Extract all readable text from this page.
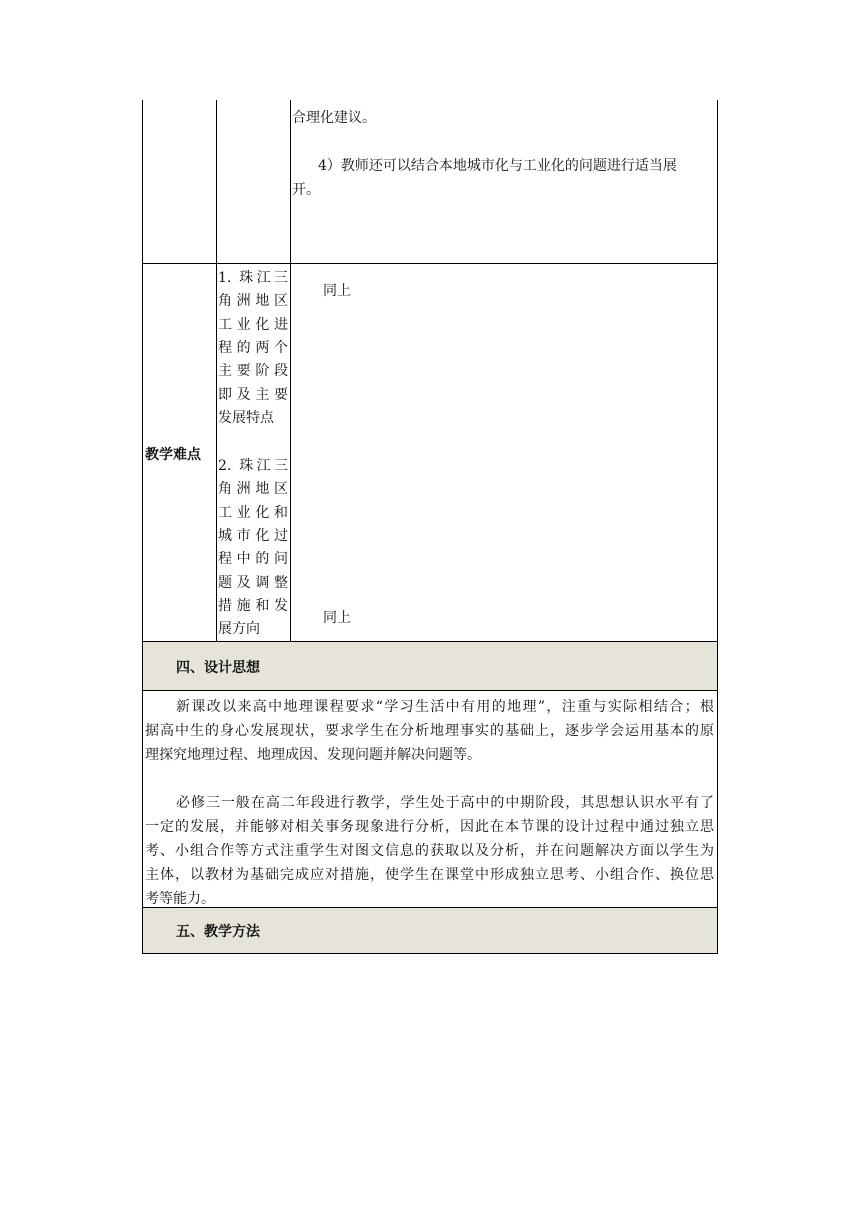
合理化建议。
4）教师还可以结合本地城市化与工业化的问题进行适当展
开。
教学难点
1. 珠江三
角洲地区
工业化进
程的两个
主要阶段
即及主要
发展特点
2. 珠江三
角洲地区
工业化和
城市化过
程中的问
题及调整
措施和发
展方向
同上
同上
四、设计思想
新课改以来高中地理课程要求“学习生活中有用的地理”，注重与实际相结合；根
据高中生的身心发展现状，要求学生在分析地理事实的基础上，逐步学会运用基本的原
理探究地理过程、地理成因、发现问题并解决问题等。
必修三一般在高二年段进行教学，学生处于高中的中期阶段，其思想认识水平有了
一定的发展，并能够对相关事务现象进行分析，因此在本节课的设计过程中通过独立思
考、小组合作等方式注重学生对图文信息的获取以及分析，并在问题解决方面以学生为
主体，以教材为基础完成应对措施，使学生在课堂中形成独立思考、小组合作、换位思
考等能力。
五、教学方法
